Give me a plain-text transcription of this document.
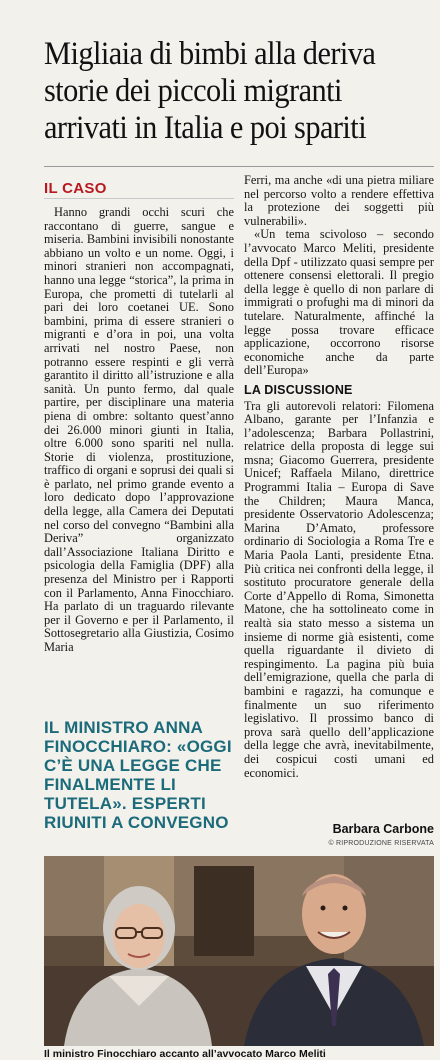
Migliaia di bimbi alla deriva
storie dei piccoli migranti
arrivati in Italia e poi spariti
IL CASO

Hanno grandi occhi scuri che raccontano di guerre, sangue e miseria. Bambini invisibili nonostante abbiano un volto e un nome. Oggi, i minori stranieri non accompagnati, hanno una legge “storica”, la prima in Europa, che prometti di tutelarli al pari dei loro coetanei UE. Sono bambini, prima di essere stranieri o migranti e d’ora in poi, una volta arrivati nel nostro Paese, non potranno essere respinti e gli verrà garantito il diritto all’istruzione e alla sanità. Un punto fermo, dal quale partire, per disciplinare una materia piena di ombre: soltanto quest’anno dei 26.000 minori giunti in Italia, oltre 6.000 sono spariti nel nulla. Storie di violenza, prostituzione, traffico di organi e soprusi dei quali si è parlato, nel primo grande evento a loro dedicato dopo l’approvazione della legge, alla Camera dei Deputati nel corso del convegno “Bambini alla Deriva” organizzato dall’Associazione Italiana Diritto e psicologia della Famiglia (DPF) alla presenza del Ministro per i Rapporti con il Parlamento, Anna Finocchiaro. Ha parlato di un traguardo rilevante per il Governo e per il Parlamento, il Sottosegretario alla Giustizia, Cosimo Maria

Ferri, ma anche «di una pietra miliare nel percorso volto a rendere effettiva la protezione dei soggetti più vulnerabili».

«Un tema scivoloso – secondo l’avvocato Marco Meliti, presidente della Dpf - utilizzato quasi sempre per ottenere consensi elettorali. Il pregio della legge è quello di non parlare di immigrati o profughi ma di minori da tutelare. Naturalmente, affinché la legge possa trovare efficace applicazione, occorrono risorse economiche anche da parte dell’Europa»

LA DISCUSSIONE

Tra gli autorevoli relatori: Filomena Albano, garante per l’Infanzia e l’adolescenza; Barbara Pollastrini, relatrice della proposta di legge sui msna; Giacomo Guerrera, presidente Unicef; Raffaela Milano, direttrice Programmi Italia – Europa di Save the Children; Maura Manca, presidente Osservatorio Adolescenza; Marina D’Amato, professore ordinario di Sociologia a Roma Tre e Maria Paola Lanti, presidente Etna. Più critica nei confronti della legge, il sostituto procuratore generale della Corte d’Appello di Roma, Simonetta Matone, che ha sottolineato come in realtà sia stato messo a sistema un insieme di norme già esistenti, come quella riguardante il divieto di respingimento. La pagina più buia dell’emigrazione, quella che parla di bambini e ragazzi, ha comunque e finalmente un suo riferimento legislativo. Il prossimo banco di prova sarà quello dell’applicazione della legge che avrà, inevitabilmente, dei cospicui costi umani ed economici.

IL MINISTRO ANNA FINOCCHIARO: «OGGI C’È UNA LEGGE CHE FINALMENTE LI TUTELA». ESPERTI RIUNITI A CONVEGNO	Barbara Carbone
© RIPRODUZIONE RISERVATA
Il ministro Finocchiaro accanto all’avvocato Marco Meliti
